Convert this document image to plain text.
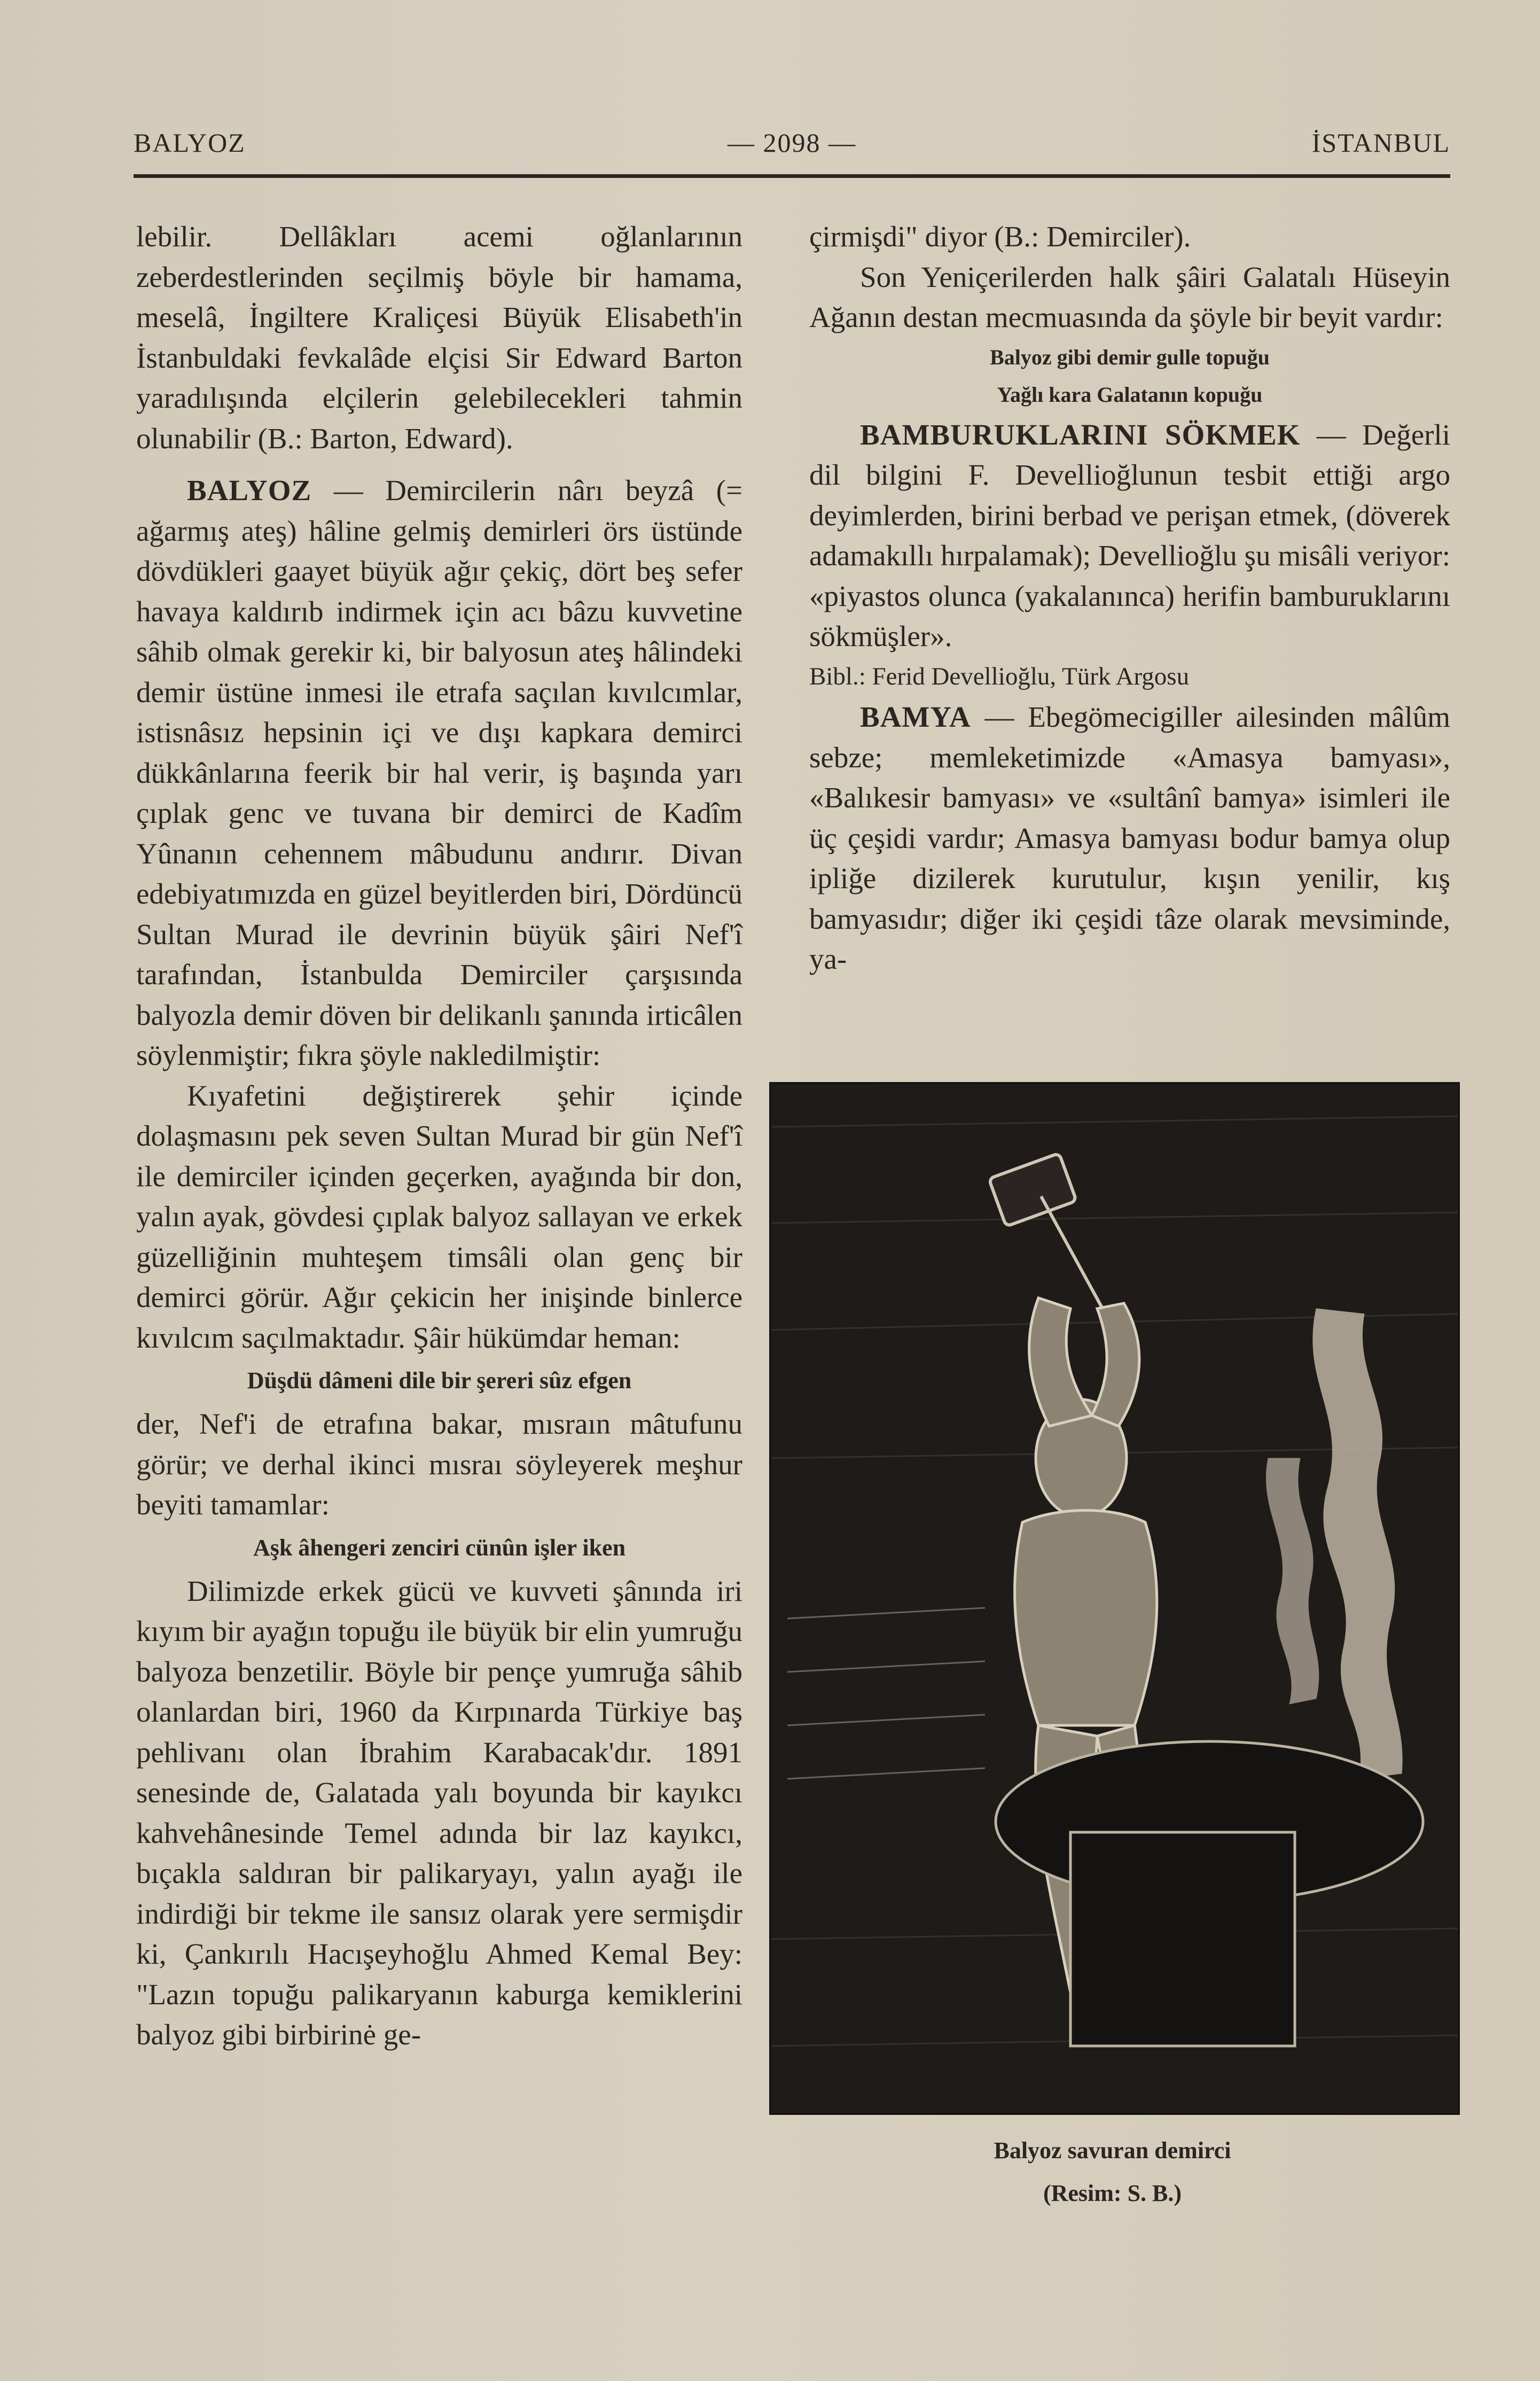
BALYOZ	— 2098 —	İSTANBUL

lebilir. Dellâkları acemi oğlanlarının zeberdestlerinden seçilmiş böyle bir hamama, meselâ, İngiltere Kraliçesi Büyük Elisabeth'in İstanbuldaki fevkalâde elçisi Sir Edward Barton yaradılışında elçilerin gelebilecekleri tahmin olunabilir (B.: Barton, Edward).

BALYOZ — Demircilerin nârı beyzâ (= ağarmış ateş) hâline gelmiş demirleri örs üstünde dövdükleri gaayet büyük ağır çekiç, dört beş sefer havaya kaldırıb indirmek için acı bâzu kuvvetine sâhib olmak gerekir ki, bir balyosun ateş hâlindeki demir üstüne inmesi ile etrafa saçılan kıvılcımlar, istisnâsız hepsinin içi ve dışı kapkara demirci dükkânlarına feerik bir hal verir, iş başında yarı çıplak genc ve tuvana bir demirci de Kadîm Yûnanın cehennem mâbudunu andırır. Divan edebiyatımızda en güzel beyitlerden biri, Dördüncü Sultan Murad ile devrinin büyük şâiri Nef'î tarafından, İstanbulda Demirciler çarşısında balyozla demir döven bir delikanlı şanında irticâlen söylenmiştir; fıkra şöyle nakledilmiştir:

Kıyafetini değiştirerek şehir içinde dolaşmasını pek seven Sultan Murad bir gün Nef'î ile demirciler içinden geçerken, ayağında bir don, yalın ayak, gövdesi çıplak balyoz sallayan ve erkek güzelliğinin muhteşem timsâli olan genç bir demirci görür. Ağır çekicin her inişinde binlerce kıvılcım saçılmaktadır. Şâir hükümdar heman:

Düşdü dâmeni dile bir şereri sûz efgen

der, Nef'i de etrafına bakar, mısraın mâtufunu görür; ve derhal ikinci mısraı söyleyerek meşhur beyiti tamamlar:

Aşk âhengeri zenciri cünûn işler iken

Dilimizde erkek gücü ve kuvveti şânında iri kıyım bir ayağın topuğu ile büyük bir elin yumruğu balyoza benzetilir. Böyle bir pençe yumruğa sâhib olanlardan biri, 1960 da Kırpınarda Türkiye baş pehlivanı olan İbrahim Karabacak'dır. 1891 senesinde de, Galatada yalı boyunda bir kayıkcı kahvehânesinde Temel adında bir laz kayıkcı, bıçakla saldıran bir palikaryayı, yalın ayağı ile indirdiği bir tekme ile sansız olarak yere sermişdir ki, Çankırılı Hacışeyhoğlu Ahmed Kemal Bey: "Lazın topuğu palikaryanın kaburga kemiklerini balyoz gibi birbirinė ge-

çirmişdi" diyor (B.: Demirciler).

Son Yeniçerilerden halk şâiri Galatalı Hüseyin Ağanın destan mecmuasında da şöyle bir beyit vardır:

Balyoz gibi demir gulle topuğu
Yağlı kara Galatanın kopuğu

BAMBURUKLARINI SÖKMEK — Değerli dil bilgini F. Devellioğlunun tesbit ettiği argo deyimlerden, birini berbad ve perişan etmek, (döverek adamakıllı hırpalamak); Devellioğlu şu misâli veriyor: «piyastos olunca (yakalanınca) herifin bamburuklarını sökmüşler».

Bibl.: Ferid Devellioğlu, Türk Argosu

BAMYA — Ebegömecigiller ailesinden mâlûm sebze; memleketimizde «Amasya bamyası», «Balıkesir bamyası» ve «sultânî bamya» isimleri ile üç çeşidi vardır; Amasya bamyası bodur bamya olup ipliğe dizilerek kurutulur, kışın yenilir, kış bamyasıdır; diğer iki çeşidi tâze olarak mevsiminde, ya-

Balyoz savuran demirci
(Resim: S. B.)
